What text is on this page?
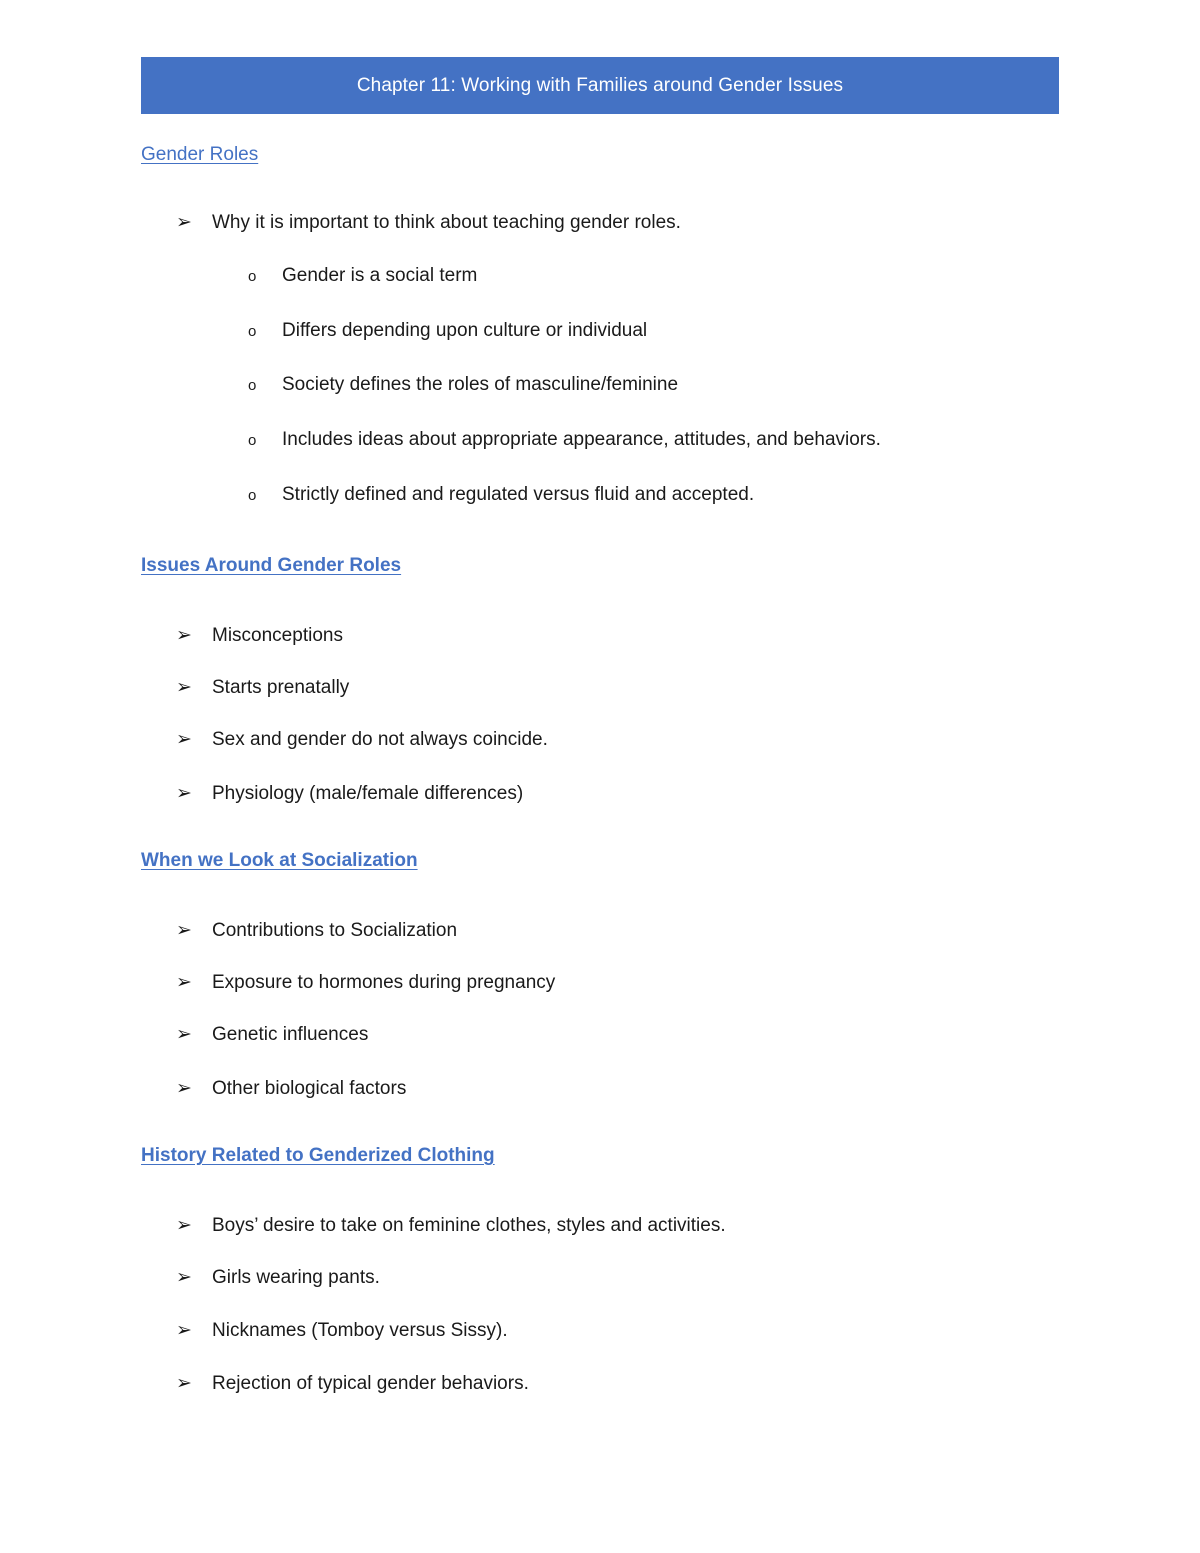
Chapter 11: Working with Families around Gender Issues
Gender Roles
➢	Why it is important to think about teaching gender roles.
o	Gender is a social term
o	Differs depending upon culture or individual
o	Society defines the roles of masculine/feminine
o	Includes ideas about appropriate appearance, attitudes, and behaviors.
o	Strictly defined and regulated versus fluid and accepted.
Issues Around Gender Roles
➢	Misconceptions
➢	Starts prenatally
➢	Sex and gender do not always coincide.
➢	Physiology (male/female differences)
When we Look at Socialization
➢	Contributions to Socialization
➢	Exposure to hormones during pregnancy
➢	Genetic influences
➢	Other biological factors
History Related to Genderized Clothing
➢	Boys’ desire to take on feminine clothes, styles and activities.
➢	Girls wearing pants.
➢	Nicknames (Tomboy versus Sissy).
➢	Rejection of typical gender behaviors.
